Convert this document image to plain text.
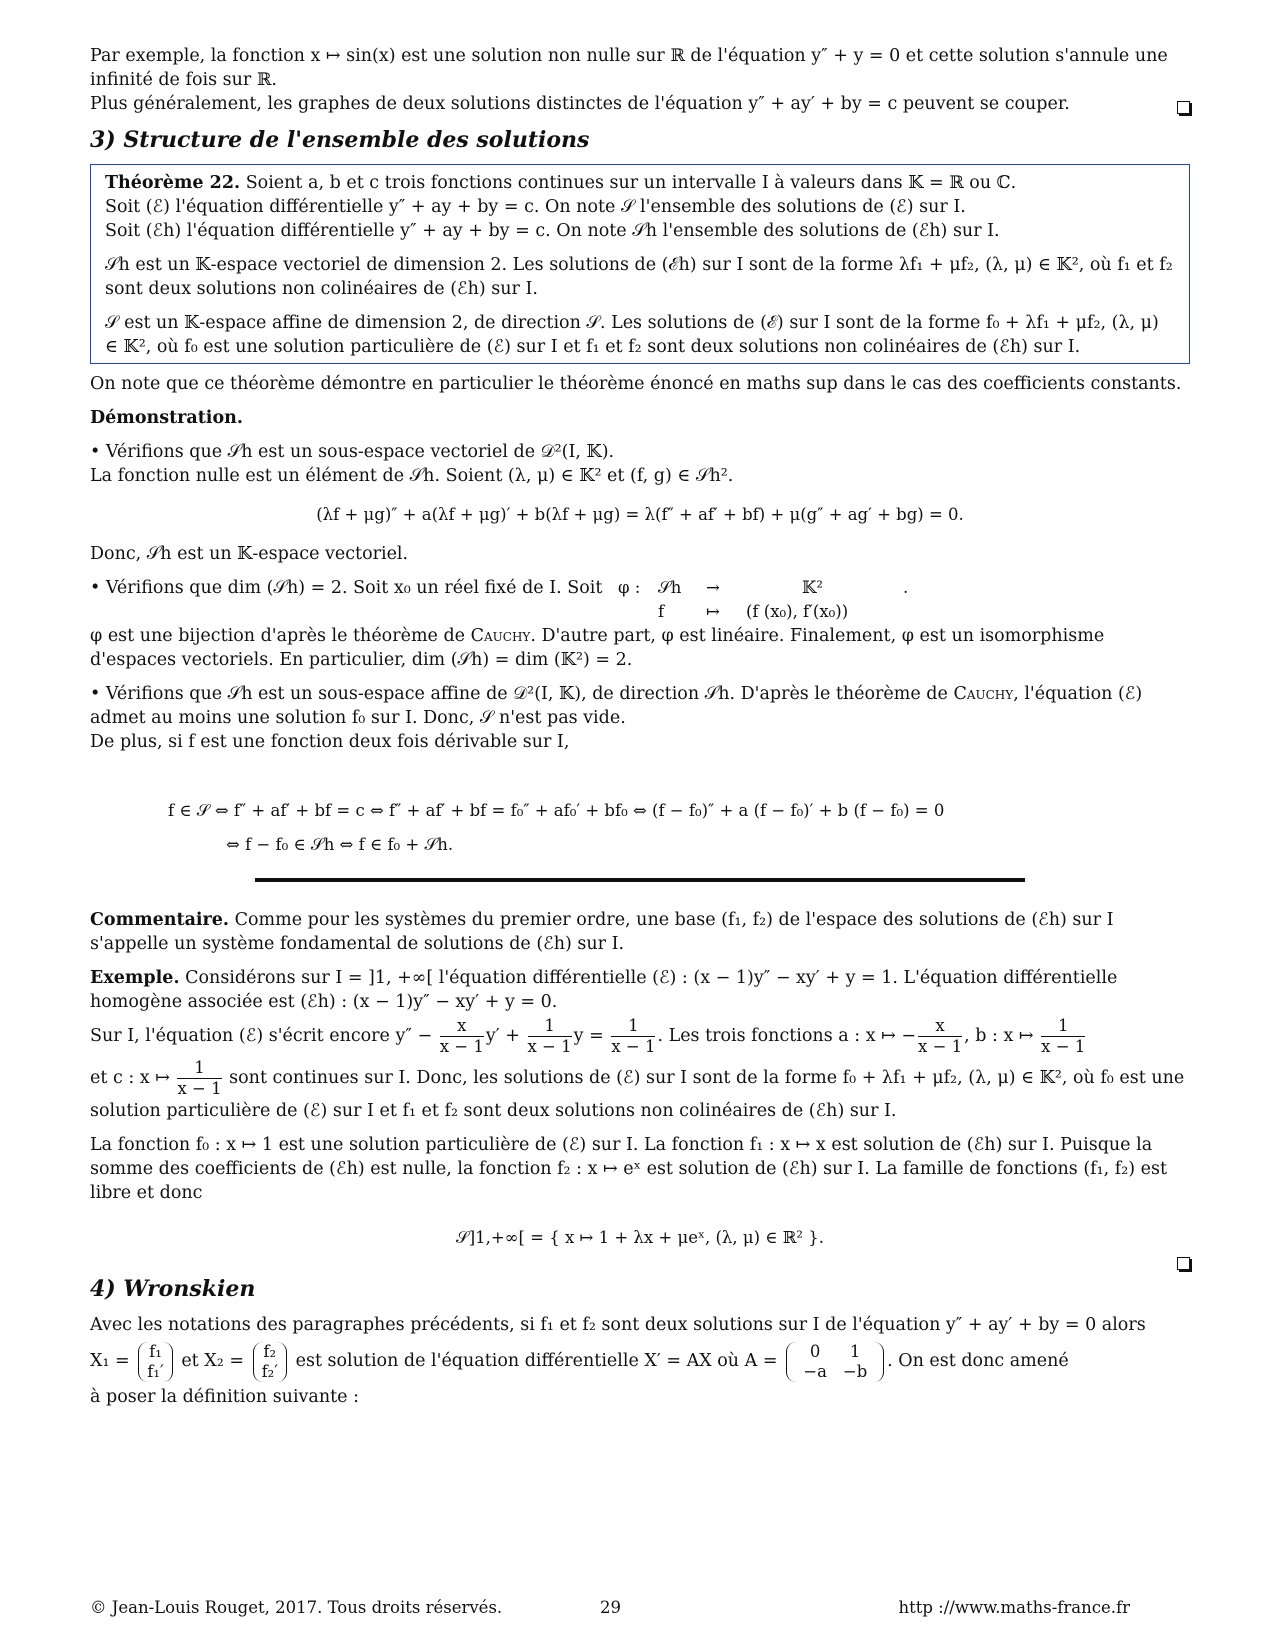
Par exemple, la fonction x ↦ sin(x) est une solution non nulle sur ℝ de l'équation y″ + y = 0 et cette solution s'annule une infinité de fois sur ℝ.

Plus généralement, les graphes de deux solutions distinctes de l'équation y″ + ay′ + by = c peuvent se couper.

3) Structure de l'ensemble des solutions

Théorème 22. Soient a, b et c trois fonctions continues sur un intervalle I à valeurs dans 𝕂 = ℝ ou ℂ.

Soit (ℰ) l'équation différentielle y″ + ay + by = c. On note 𝒮 l'ensemble des solutions de (ℰ) sur I.

Soit (ℰh) l'équation différentielle y″ + ay + by = c. On note 𝒮h l'ensemble des solutions de (ℰh) sur I.

𝒮h est un 𝕂-espace vectoriel de dimension 2. Les solutions de (ℰh) sur I sont de la forme λf₁ + μf₂, (λ, μ) ∈ 𝕂², où f₁ et f₂ sont deux solutions non colinéaires de (ℰh) sur I.

𝒮 est un 𝕂-espace affine de dimension 2, de direction 𝒮. Les solutions de (ℰ) sur I sont de la forme f₀ + λf₁ + μf₂, (λ, μ) ∈ 𝕂², où f₀ est une solution particulière de (ℰ) sur I et f₁ et f₂ sont deux solutions non colinéaires de (ℰh) sur I.

On note que ce théorème démontre en particulier le théorème énoncé en maths sup dans le cas des coefficients constants.

Démonstration.

• Vérifions que 𝒮h est un sous-espace vectoriel de 𝒟²(I, 𝕂).

La fonction nulle est un élément de 𝒮h. Soient (λ, μ) ∈ 𝕂² et (f, g) ∈ 𝒮h².

(λf + μg)″ + a(λf + μg)′ + b(λf + μg) = λ(f″ + af′ + bf) + μ(g″ + ag′ + bg) = 0.

Donc, 𝒮h est un 𝕂-espace vectoriel.

• Vérifions que dim (𝒮h) = 2. Soit x₀ un réel fixé de I. Soit φ :	𝒮h	→	𝕂²	.
f	↦	(f (x₀), f′(x₀))

φ est une bijection d'après le théorème de Cauchy. D'autre part, φ est linéaire. Finalement, φ est un isomorphisme d'espaces vectoriels. En particulier, dim (𝒮h) = dim (𝕂²) = 2.

• Vérifions que 𝒮h est un sous-espace affine de 𝒟²(I, 𝕂), de direction 𝒮h. D'après le théorème de Cauchy, l'équation (ℰ) admet au moins une solution f₀ sur I. Donc, 𝒮 n'est pas vide.

De plus, si f est une fonction deux fois dérivable sur I,

f ∈ 𝒮 ⇔ f″ + af′ + bf = c ⇔ f″ + af′ + bf = f₀″ + af₀′ + bf₀ ⇔ (f − f₀)″ + a (f − f₀)′ + b (f − f₀) = 0
⇔ f − f₀ ∈ 𝒮h ⇔ f ∈ f₀ + 𝒮h.

Commentaire. Comme pour les systèmes du premier ordre, une base (f₁, f₂) de l'espace des solutions de (ℰh) sur I s'appelle un système fondamental de solutions de (ℰh) sur I.

Exemple. Considérons sur I = ]1, +∞[ l'équation différentielle (ℰ) : (x − 1)y″ − xy′ + y = 1. L'équation différentielle homogène associée est (ℰh) : (x − 1)y″ − xy′ + y = 0.

Sur I, l'équation (ℰ) s'écrit encore $y'' - \frac{x}{x - 1} y' + \frac{1}{x - 1}$ $y = \frac{1}{x - 1}$ . Les trois fonctions a : x ↦ − $\frac{x}{x - 1}$ , b : x ↦ $\frac{1}{x - 1}$

et c : x ↦ $\frac{1}{x - 1}$ sont continues sur I. Donc, les solutions de (ℰ) sur I sont de la forme f₀ + λf₁ + μf₂, (λ, μ) ∈ 𝕂², où f₀ est une solution particulière de (ℰ) sur I et f₁ et f₂ sont deux solutions non colinéaires de (ℰh) sur I.

La fonction f₀ : x ↦ 1 est une solution particulière de (ℰ) sur I. La fonction f₁ : x ↦ x est solution de (ℰh) sur I. Puisque la somme des coefficients de (ℰh) est nulle, la fonction f₂ : x ↦ eˣ est solution de (ℰh) sur I. La famille de fonctions (f₁, f₂) est libre et donc

𝒮]1,+∞[ = { x ↦ 1 + λx + μeˣ, (λ, μ) ∈ ℝ² }.

4) Wronskien

Avec les notations des paragraphes précédents, si f₁ et f₂ sont deux solutions sur I de l'équation y″ + ay′ + by = 0 alors

X₁ = f₁
f₁′ et X₂ = f₂
f₂′ est solution de l'équation différentielle X′ = AX où A =	0	1
−a −b	. On est donc amené

à poser la définition suivante :

© Jean-Louis Rouget, 2017. Tous droits réservés.	29	http ://www.maths-france.fr
